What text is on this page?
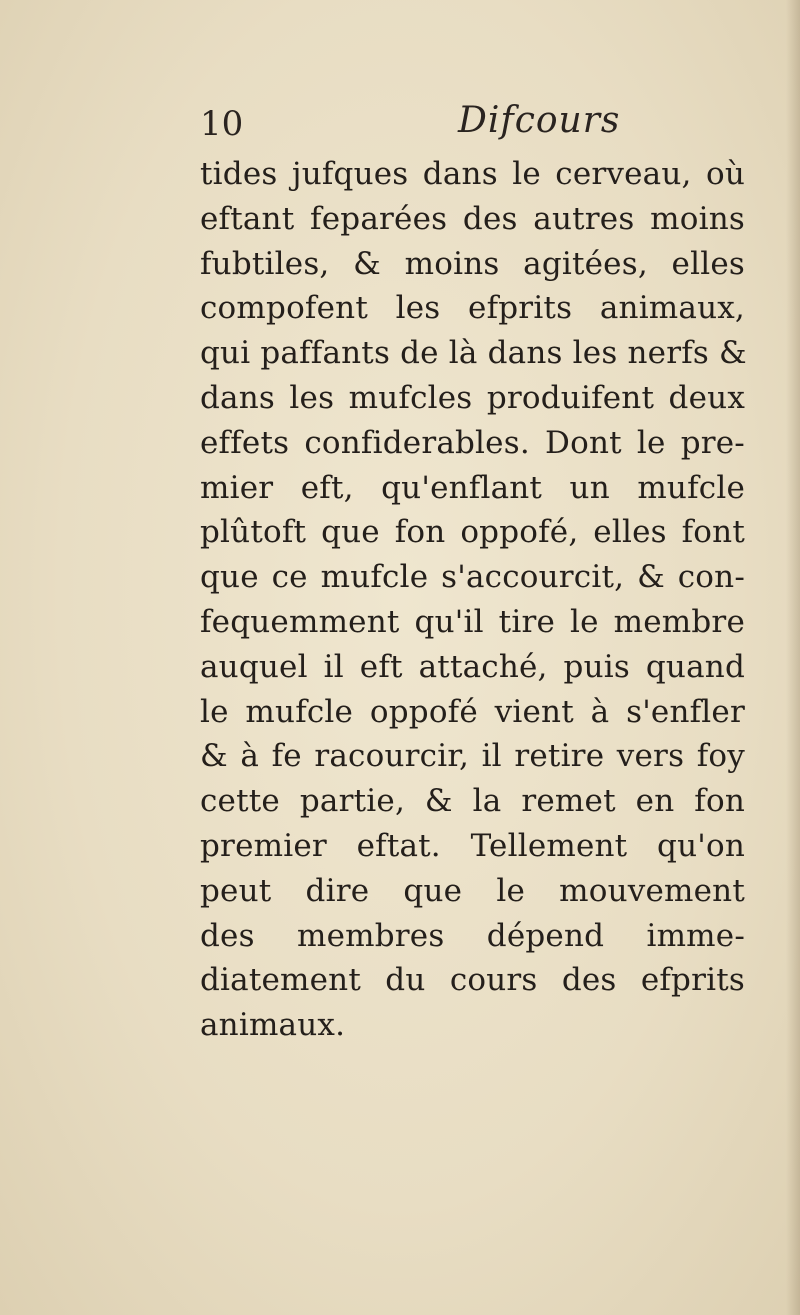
10	Difcours
tides jufques dans le cerveau, où
eftant feparées des autres moins
fubtiles, & moins agitées, elles
compofent les efprits animaux,
qui paffants de là dans les nerfs &
dans les mufcles produifent deux
effets confiderables. Dont le pre-
mier eft, qu'enflant un mufcle
plûtoft que fon oppofé, elles font
que ce mufcle s'accourcit, & con-
fequemment qu'il tire le membre
auquel il eft attaché, puis quand
le mufcle oppofé vient à s'enfler
& à fe racourcir, il retire vers foy
cette partie, & la remet en fon
premier eftat. Tellement qu'on
peut dire que le mouvement
des membres dépend imme-
diatement du cours des efprits
animaux.
